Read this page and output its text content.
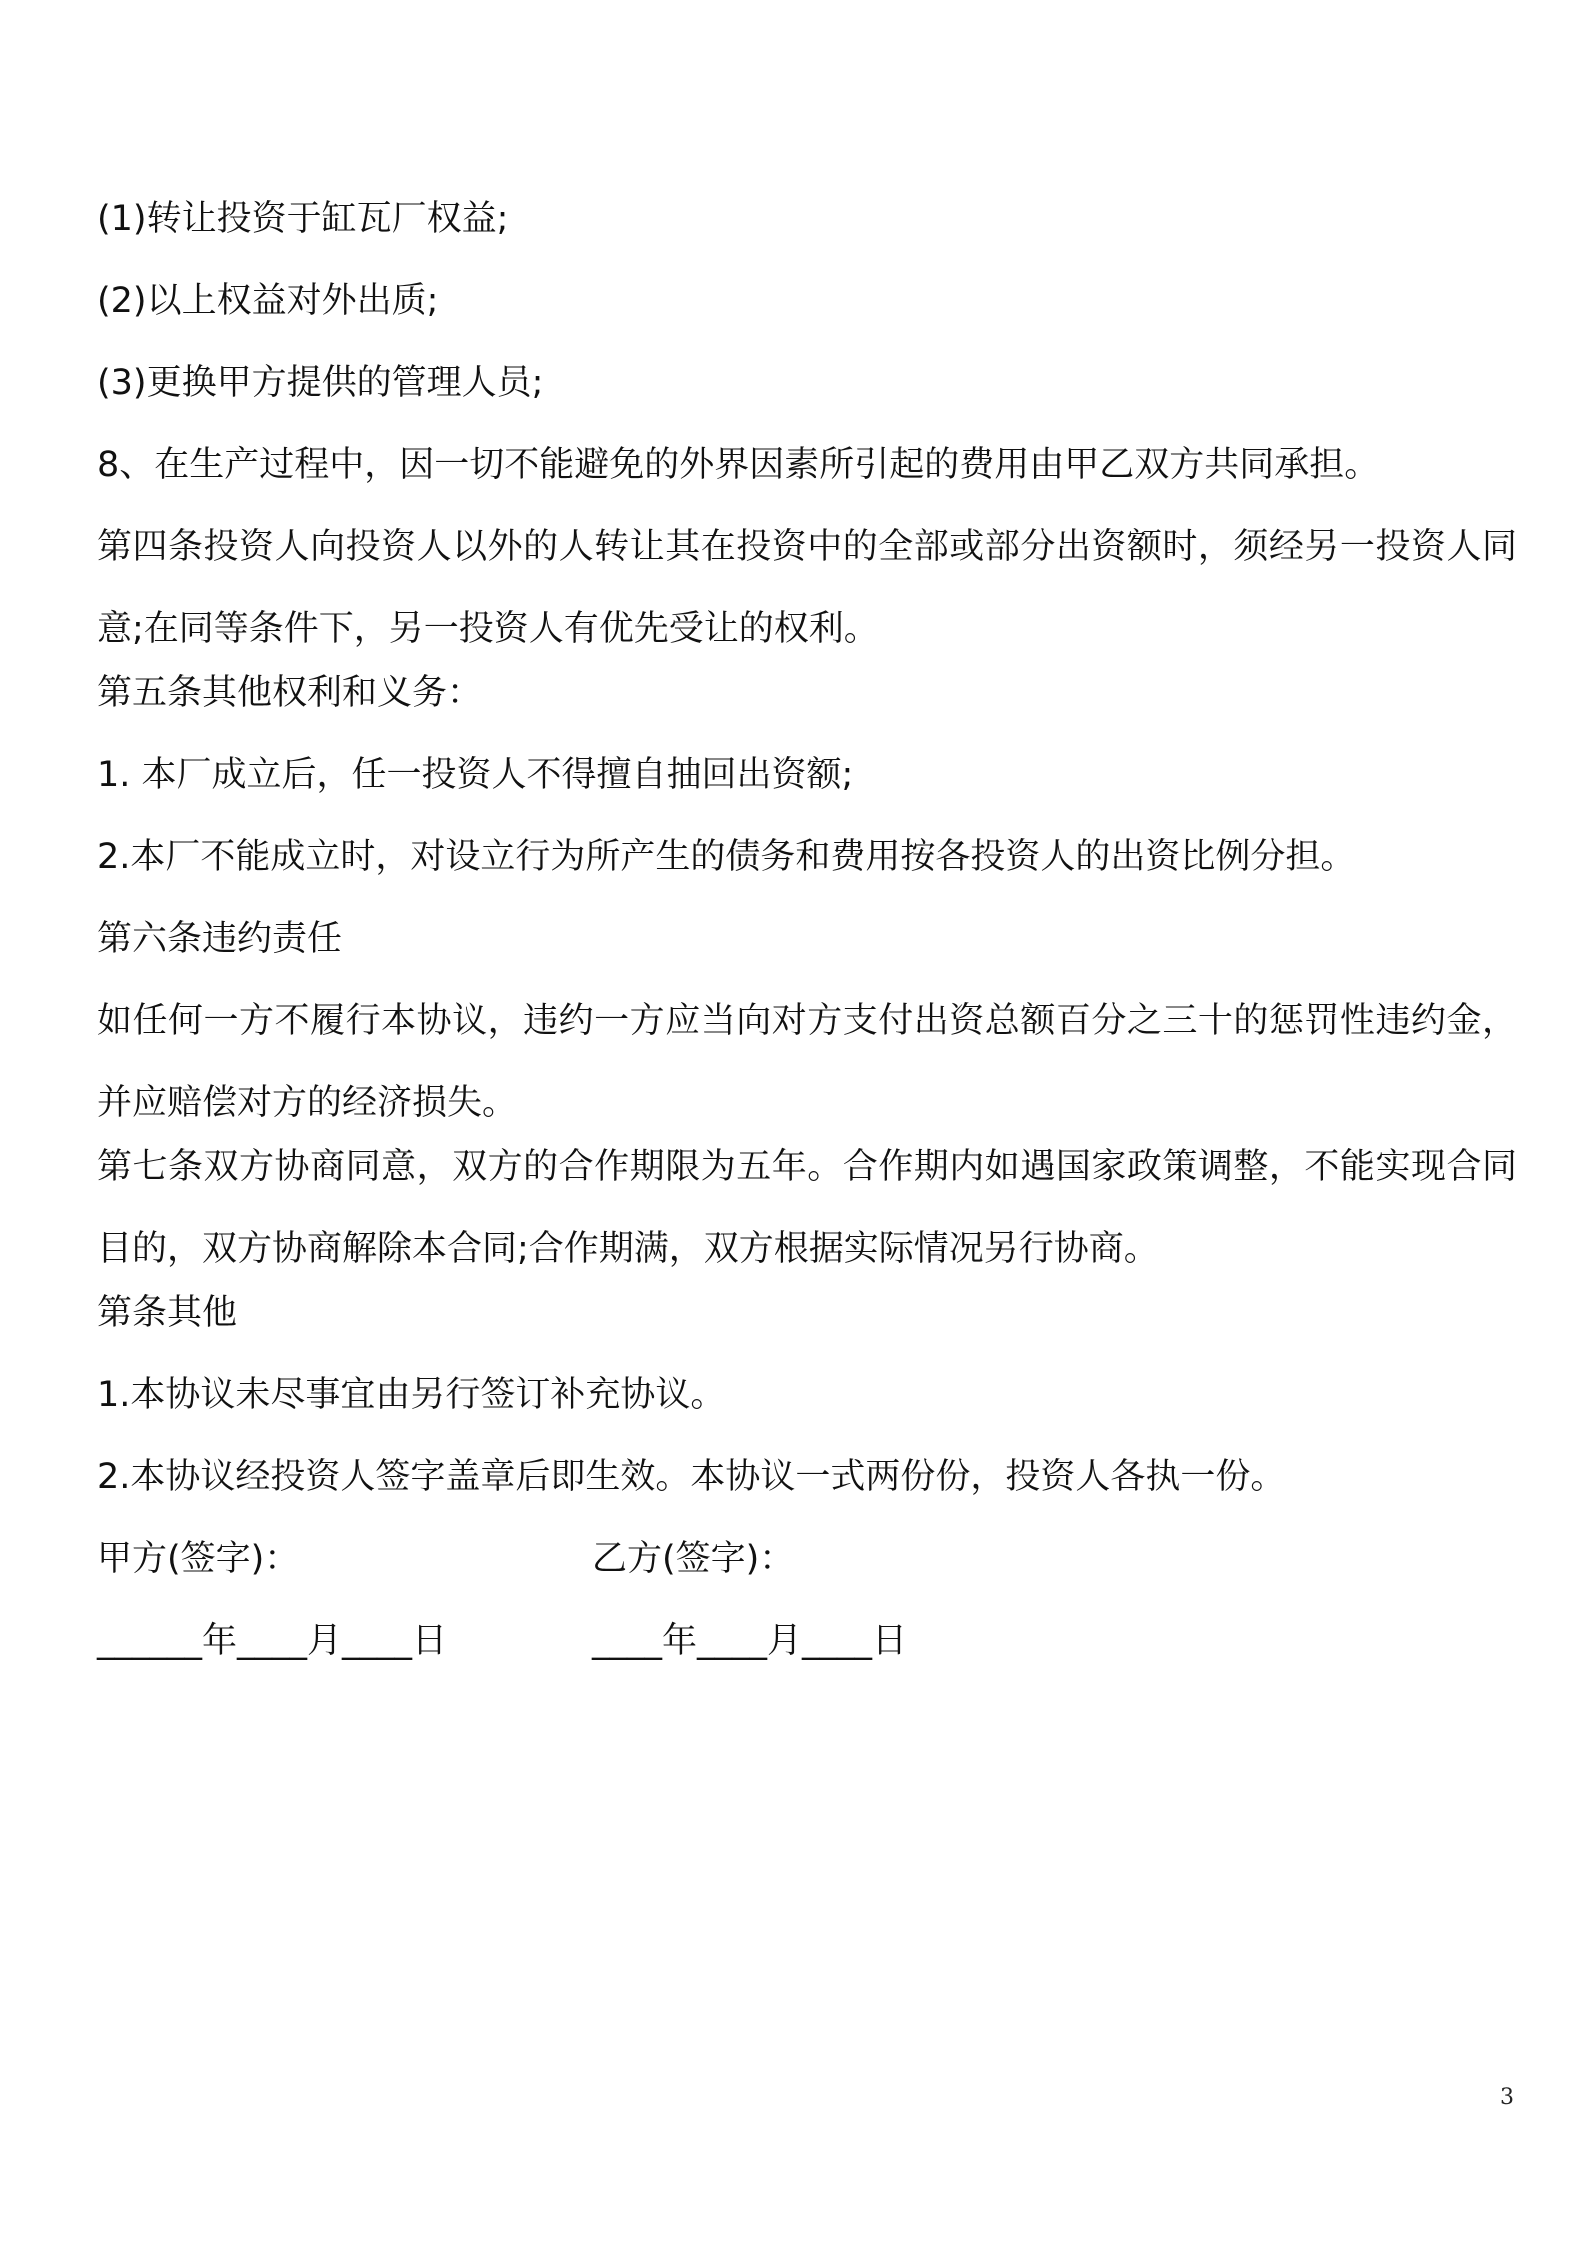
(1)转让投资于缸瓦厂权益;
(2)以上权益对外出质;
(3)更换甲方提供的管理人员;
8、在生产过程中，因一切不能避免的外界因素所引起的费用由甲乙双方共同承担。
第四条投资人向投资人以外的人转让其在投资中的全部或部分出资额时，须经另一投资人同意;在同等条件下，另一投资人有优先受让的权利。
第五条其他权利和义务：
1. 本厂成立后，任一投资人不得擅自抽回出资额;
2.本厂不能成立时，对设立行为所产生的债务和费用按各投资人的出资比例分担。
第六条违约责任
如任何一方不履行本协议，违约一方应当向对方支付出资总额百分之三十的惩罚性违约金，并应赔偿对方的经济损失。
第七条双方协商同意，双方的合作期限为五年。合作期内如遇国家政策调整，不能实现合同目的，双方协商解除本合同;合作期满，双方根据实际情况另行协商。
第条其他
1.本协议未尽事宜由另行签订补充协议。
2.本协议经投资人签字盖章后即生效。本协议一式两份份，投资人各执一份。
甲方(签字)：	乙方(签字)：
______年____月____日	____年____月____日
3
